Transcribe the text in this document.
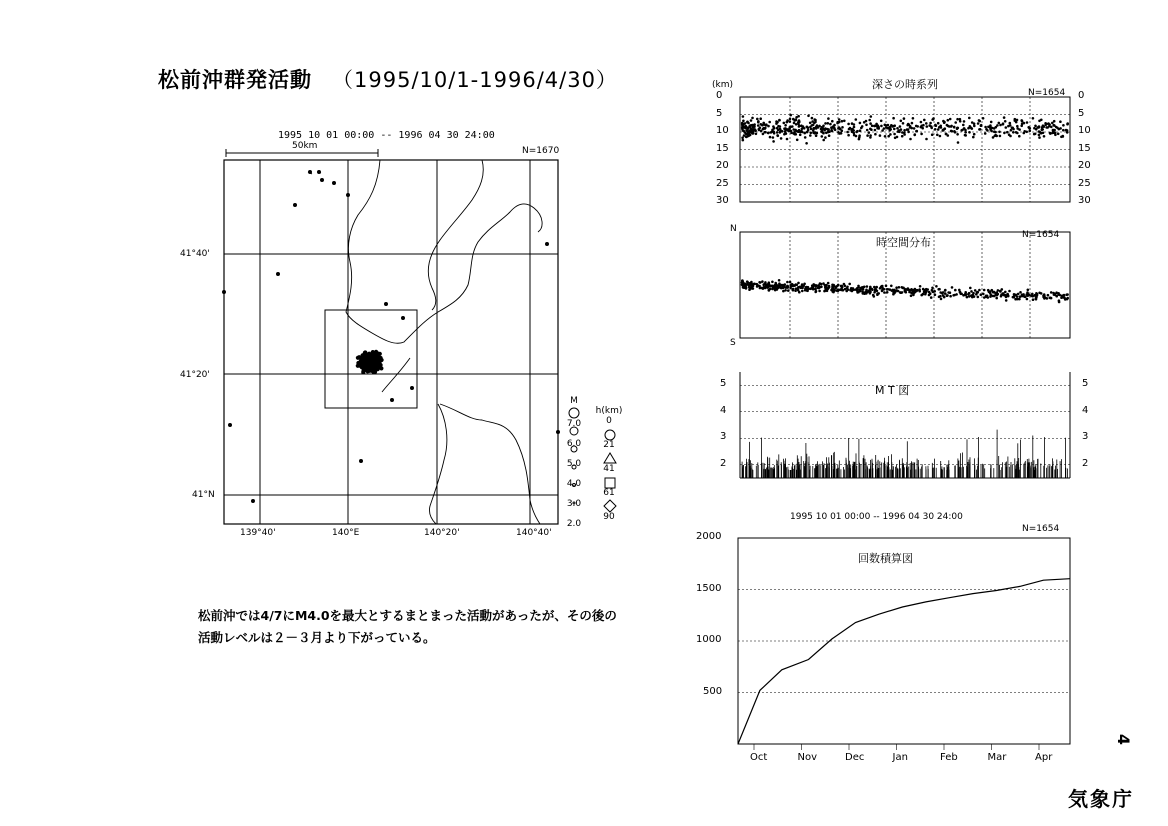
松前沖群発活動 （1995/10/1-1996/4/30）
1995 10 01 00:00 -- 1996 04 30 24:00
50km	N=1670
41°40'
41°20'
41°N
139°40'	140°E	140°20'	140°40'
M
7.0
6.0
5.0
4.0
3.0
2.0
h(km)
0
21
41
61
90
松前沖では4/7にM4.0を最大とするまとまった活動があったが、その後の活動レベルは２－３月より下がっている。
気象庁
4
深さの時系列
N=1654
(km)
時空間分布
N=1654
N
S
M T 図
1995 10 01 00:00 -- 1996 04 30 24:00
N=1654
回数積算図
0	0
5	5
10	10
15	15
20	20
25	25
30	30
2	2
3	3
4	4
5	5
500
1000
1500
2000
Oct	Nov	Dec	Jan	Feb	Mar	Apr
